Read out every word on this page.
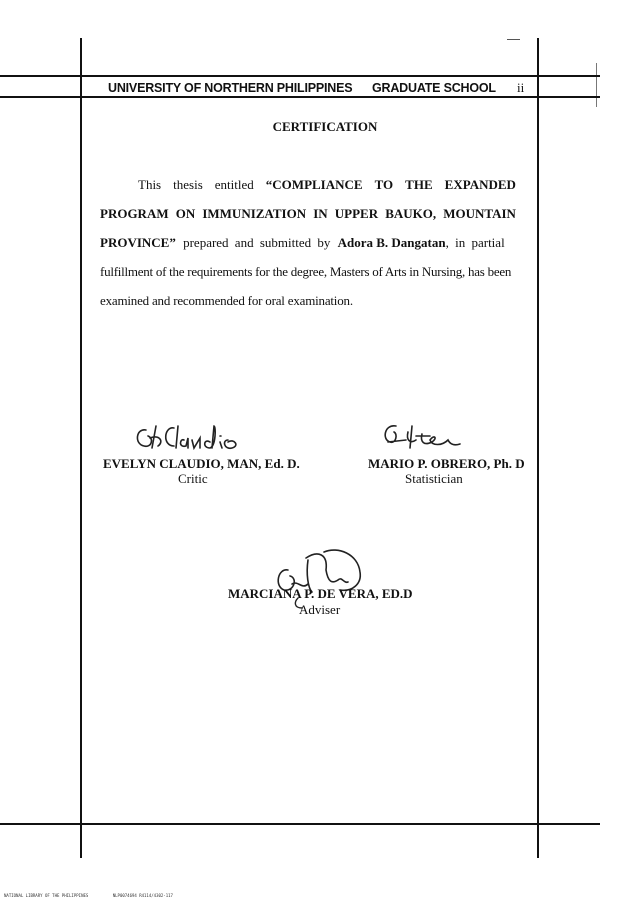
UNIVERSITY OF NORTHERN PHILIPPINES GRADUATE SCHOOL ii
CERTIFICATION
This thesis entitled “COMPLIANCE TO THE EXPANDED
PROGRAM ON IMMUNIZATION IN UPPER BAUKO, MOUNTAIN
PROVINCE” prepared and submitted by Adora B. Dangatan, in partial
fulfillment of the requirements for the degree, Masters of Arts in Nursing, has been
examined and recommended for oral examination.
EVELYN CLAUDIO, MAN, Ed. D.
Critic
MARIO P. OBRERO, Ph. D
Statistician
MARCIANA P. DE VERA, ED.D
Adviser
NATIONAL LIBRARY OF THE PHILIPPINES	NLP0074694 R4114/4302-117
